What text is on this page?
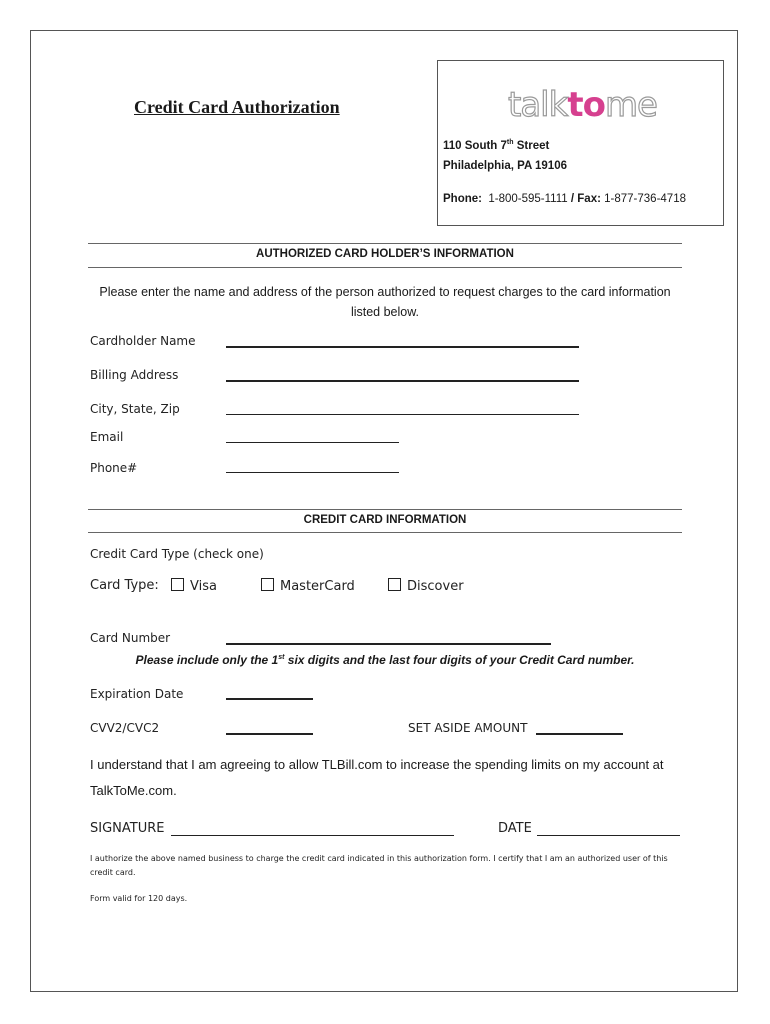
Credit Card Authorization	talktome
110 South 7th Street
Philadelphia, PA 19106
Phone: 1-800-595-1111 / Fax: 1-877-736-4718
AUTHORIZED CARD HOLDER’S INFORMATION
Please enter the name and address of the person authorized to request charges to the card information listed below.
Cardholder Name
Billing Address
City, State, Zip
Email
Phone#
CREDIT CARD INFORMATION
Credit Card Type (check one)
Card Type:	Visa	MasterCard	Discover
Card Number
Please include only the 1st six digits and the last four digits of your Credit Card number.
Expiration Date
CVV2/CVC2	SET ASIDE AMOUNT
I understand that I am agreeing to allow TLBill.com to increase the spending limits on my account at
TalkToMe.com.
SIGNATURE	DATE
I authorize the above named business to charge the credit card indicated in this authorization form. I certify that I am an authorized user of this credit card.
Form valid for 120 days.
